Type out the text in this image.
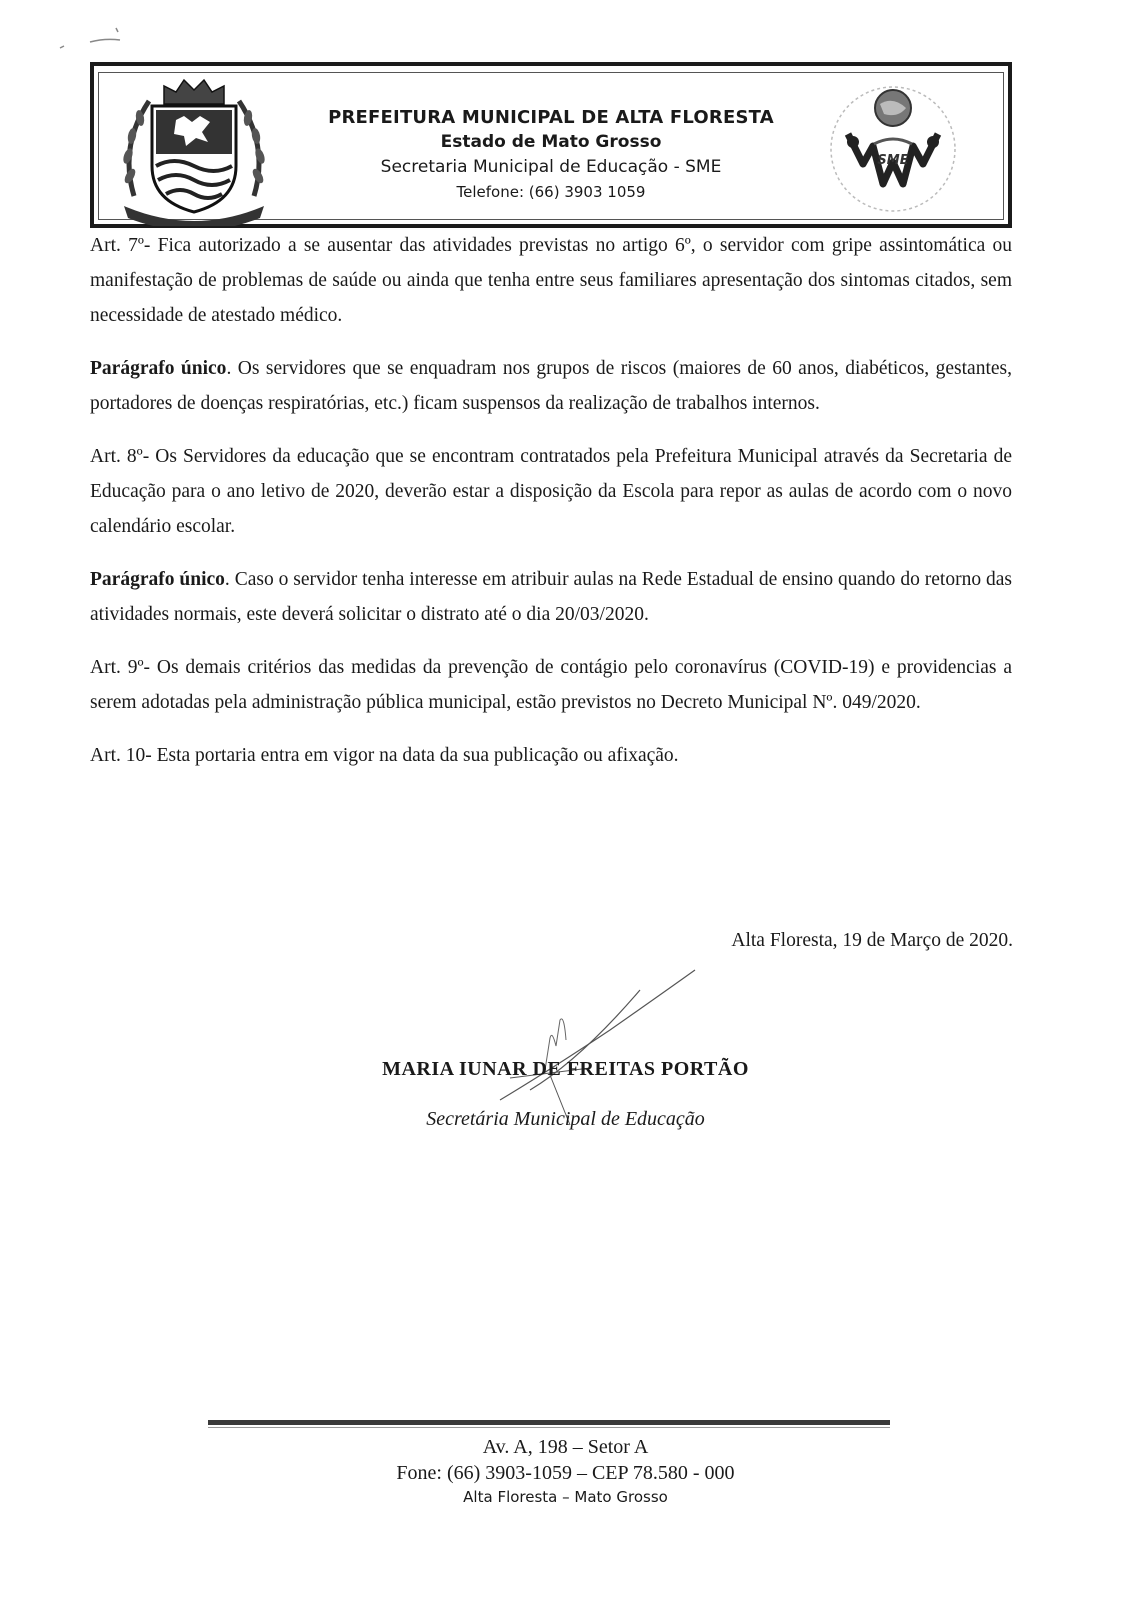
PREFEITURA MUNICIPAL DE ALTA FLORESTA
Estado de Mato Grosso
Secretaria Municipal de Educação - SME
Telefone: (66) 3903 1059
SME

Art. 7º- Fica autorizado a se ausentar das atividades previstas no artigo 6º, o servidor com gripe assintomática ou manifestação de problemas de saúde ou ainda que tenha entre seus familiares apresentação dos sintomas citados, sem necessidade de atestado médico.

Parágrafo único. Os servidores que se enquadram nos grupos de riscos (maiores de 60 anos, diabéticos, gestantes, portadores de doenças respiratórias, etc.) ficam suspensos da realização de trabalhos internos.

Art. 8º- Os Servidores da educação que se encontram contratados pela Prefeitura Municipal através da Secretaria de Educação para o ano letivo de 2020, deverão estar a disposição da Escola para repor as aulas de acordo com o novo calendário escolar.

Parágrafo único. Caso o servidor tenha interesse em atribuir aulas na Rede Estadual de ensino quando do retorno das atividades normais, este deverá solicitar o distrato até o dia 20/03/2020.

Art. 9º- Os demais critérios das medidas da prevenção de contágio pelo coronavírus (COVID-19) e providencias a serem adotadas pela administração pública municipal, estão previstos no Decreto Municipal Nº. 049/2020.

Art. 10- Esta portaria entra em vigor na data da sua publicação ou afixação.

Alta Floresta, 19 de Março de 2020.
MARIA IUNAR DE FREITAS PORTÃO
Secretária Municipal de Educação
Av. A, 198 – Setor A
Fone: (66) 3903-1059 – CEP 78.580 - 000
Alta Floresta – Mato Grosso
